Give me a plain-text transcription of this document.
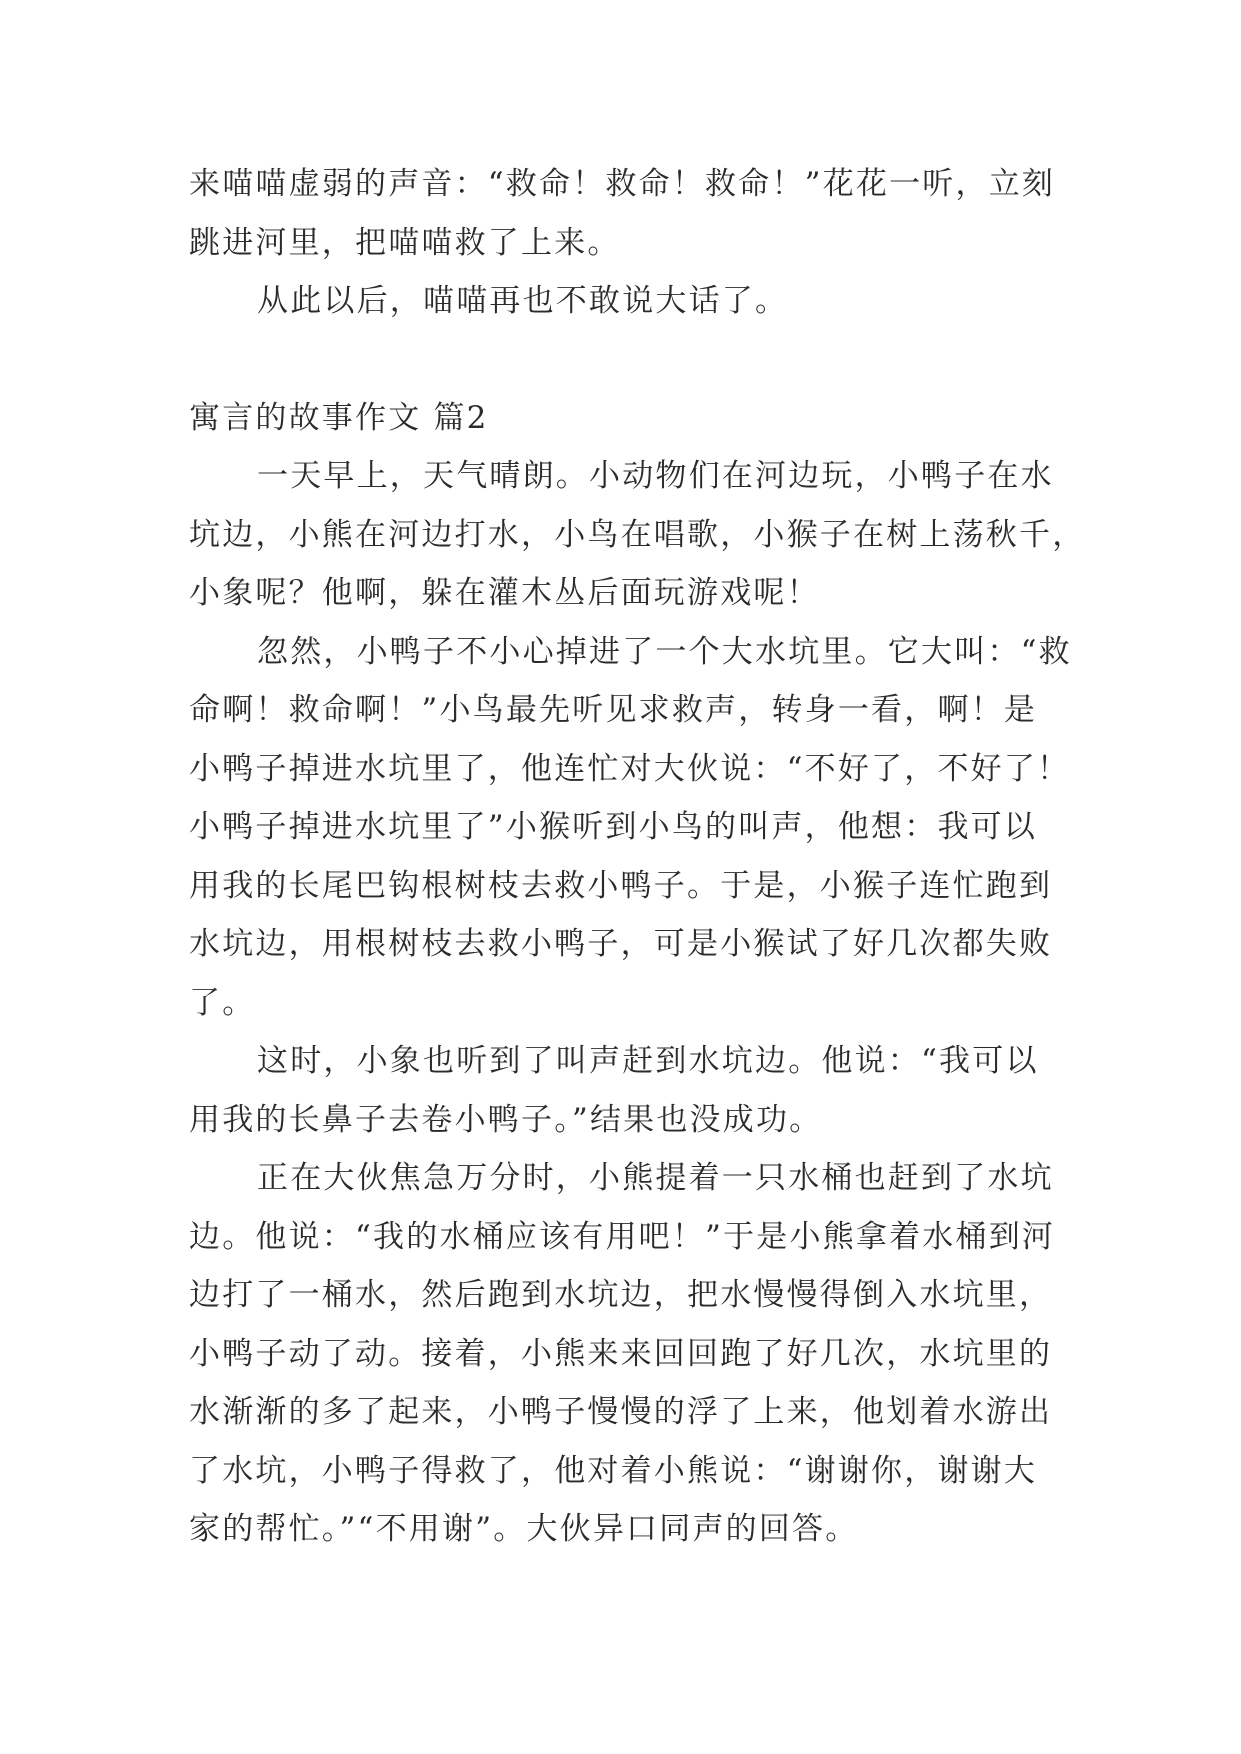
来喵喵虚弱的声音：“救命！救命！救命！”花花一听，立刻
跳进河里，把喵喵救了上来。
从此以后，喵喵再也不敢说大话了。
寓言的故事作文 篇2
一天早上，天气晴朗。小动物们在河边玩，小鸭子在水
坑边，小熊在河边打水，小鸟在唱歌，小猴子在树上荡秋千，
小象呢？他啊，躲在灌木丛后面玩游戏呢！
忽然，小鸭子不小心掉进了一个大水坑里。它大叫：“救
命啊！救命啊！”小鸟最先听见求救声，转身一看，啊！是
小鸭子掉进水坑里了，他连忙对大伙说：“不好了，不好了！
小鸭子掉进水坑里了”小猴听到小鸟的叫声，他想：我可以
用我的长尾巴钩根树枝去救小鸭子。于是，小猴子连忙跑到
水坑边，用根树枝去救小鸭子，可是小猴试了好几次都失败
了。
这时，小象也听到了叫声赶到水坑边。他说：“我可以
用我的长鼻子去卷小鸭子。”结果也没成功。
正在大伙焦急万分时，小熊提着一只水桶也赶到了水坑
边。他说：“我的水桶应该有用吧！”于是小熊拿着水桶到河
边打了一桶水，然后跑到水坑边，把水慢慢得倒入水坑里，
小鸭子动了动。接着，小熊来来回回跑了好几次，水坑里的
水渐渐的多了起来，小鸭子慢慢的浮了上来，他划着水游出
了水坑，小鸭子得救了，他对着小熊说：“谢谢你，谢谢大
家的帮忙。”“不用谢”。大伙异口同声的回答。
